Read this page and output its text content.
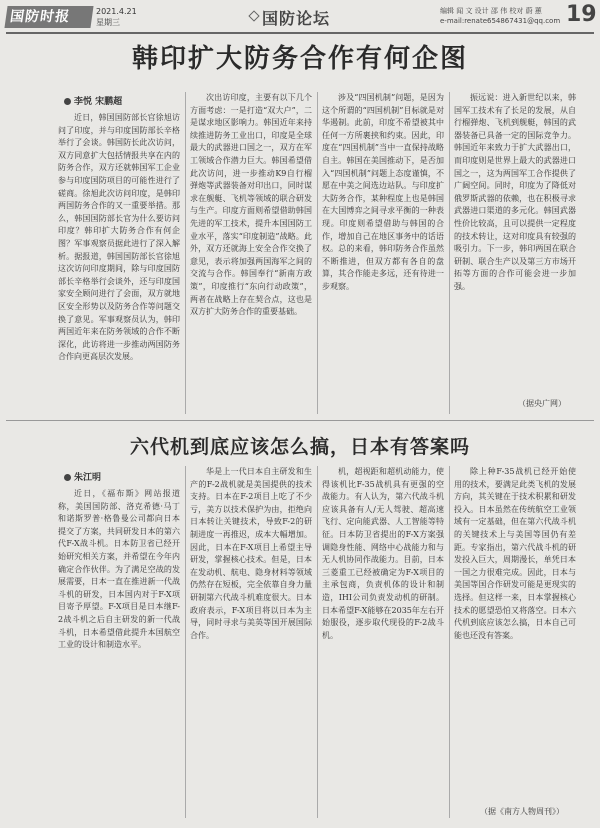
国防时报	2021.4.21
星期三	国防论坛	编辑 闻 文 设计 邵 伟 校对 蔚 蕙
e-mail:renate654867431@qq.com 19
韩印扩大防务合作有何企图
李悦 宋鹏超

近日，韩国国防部长官徐旭访问了印度，并与印度国防部长辛格举行了会谈。韩国防长此次访问，双方同意扩大包括情报共享在内的防务合作，双方还就韩国军工企业参与印度国防项目的可能性进行了磋商。徐旭此次访问印度，是韩印两国防务合作的又一重要举措。那么，韩国国防部长官为什么要访问印度？韩印扩大防务合作有何企图？军事观察员据此进行了深入解析。据报道，韩国国防部长官徐旭这次访问印度期间，除与印度国防部长辛格举行会谈外，还与印度国家安全顾问进行了会面，双方就地区安全形势以及防务合作等问题交换了意见。军事观察员认为，韩印两国近年来在防务领域的合作不断深化，此访将进一步推动两国防务合作向更高层次发展。

次出访印度，主要有以下几个方面考虑：一是打造“双大户”，二是谋求地区影响力。韩国近年来持续推进防务工业出口，印度是全球最大的武器进口国之一，双方在军工领域合作潜力巨大。韩国希望借此次访问，进一步推动K9自行榴弹炮等武器装备对印出口，同时谋求在舰艇、飞机等领域的联合研发与生产。印度方面则希望借助韩国先进的军工技术，提升本国国防工业水平，落实“印度制造”战略。此外，双方还就海上安全合作交换了意见，表示将加强两国海军之间的交流与合作。韩国奉行“新南方政策”，印度推行“东向行动政策”，两者在战略上存在契合点，这也是双方扩大防务合作的重要基础。

涉及“四国机制”问题，是因为这个所谓的“四国机制”目标就是对华遏制。此前，印度不希望被其中任何一方所裹挟和约束。因此，印度在“四国机制”当中一直保持战略自主。韩国在美国推动下，是否加入“四国机制”问题上态度谨慎，不愿在中美之间选边站队。与印度扩大防务合作，某种程度上也是韩国在大国博弈之间寻求平衡的一种表现。印度则希望借助与韩国的合作，增加自己在地区事务中的话语权。总的来看，韩印防务合作虽然不断推进，但双方都有各自的盘算，其合作能走多远，还有待进一步观察。

振远说：进入新世纪以来，韩国军工技术有了长足的发展，从自行榴弹炮、飞机到舰艇，韩国的武器装备已具备一定的国际竞争力。韩国近年来致力于扩大武器出口，而印度则是世界上最大的武器进口国之一，这为两国军工合作提供了广阔空间。同时，印度为了降低对俄罗斯武器的依赖，也在积极寻求武器进口渠道的多元化。韩国武器性价比较高，且可以提供一定程度的技术转让，这对印度具有较强的吸引力。下一步，韩印两国在联合研制、联合生产以及第三方市场开拓等方面的合作可能会进一步加强。

（据央广网）
六代机到底应该怎么搞，日本有答案吗
朱江明

近日，《福布斯》网站报道称，美国国防部、洛克希德·马丁和诺斯罗普·格鲁曼公司都向日本提交了方案，共同研发日本的第六代F-X战斗机。日本防卫省已经开始研究相关方案，并希望在今年内确定合作伙伴。为了满足空战的发展需要，日本一直在推进新一代战斗机的研发，日本国内对于F-X项目寄予厚望。F-X项目是日本继F-2战斗机之后自主研发的新一代战斗机，日本希望借此提升本国航空工业的设计和制造水平。

华是上一代日本自主研发和生产的F-2战机就是美国提供的技术支持。日本在F-2项目上吃了不少亏，美方以技术保护为由，拒绝向日本转让关键技术，导致F-2的研制进度一再推迟，成本大幅增加。因此，日本在F-X项目上希望主导研发，掌握核心技术。但是，日本在发动机、航电、隐身材料等领域仍然存在短板，完全依靠自身力量研制第六代战斗机难度很大。日本政府表示，F-X项目将以日本为主导，同时寻求与美英等国开展国际合作。

机，超视距和超机动能力，使得该机比F-35战机具有更强的空战能力。有人认为，第六代战斗机应该具备有人/无人驾驶、超高速飞行、定向能武器、人工智能等特征。日本防卫省提出的F-X方案强调隐身性能、网络中心战能力和与无人机协同作战能力。目前，日本三菱重工已经被确定为F-X项目的主承包商，负责机体的设计和制造，IHI公司负责发动机的研制。日本希望F-X能够在2035年左右开始服役，逐步取代现役的F-2战斗机。

除上种F-35战机已经开始使用的技术，要满足此类飞机的发展方向，其关键在于技术积累和研发投入。日本虽然在传统航空工业领域有一定基础，但在第六代战斗机的关键技术上与美国等国仍有差距。专家指出，第六代战斗机的研发投入巨大，周期漫长，单凭日本一国之力很难完成。因此，日本与美国等国合作研发可能是更现实的选择。但这样一来，日本掌握核心技术的愿望恐怕又将落空。日本六代机到底应该怎么搞，日本自己可能也还没有答案。

（据《南方人物周刊》）
